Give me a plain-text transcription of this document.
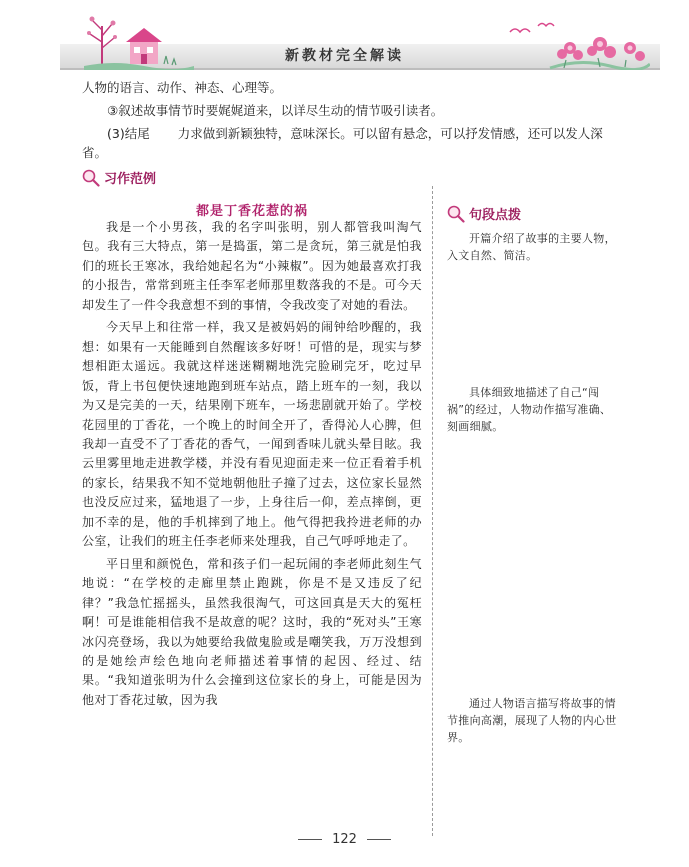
新教材完全解读

人物的语言、动作、神态、心理等。

③叙述故事情节时要娓娓道来，以详尽生动的情节吸引读者。

(3)结尾 力求做到新颖独特，意味深长。可以留有悬念，可以抒发情感，还可以发人深省。

习作范例
都是丁香花惹的祸

我是一个小男孩，我的名字叫张明，别人都管我叫淘气包。我有三大特点，第一是捣蛋，第二是贪玩，第三就是怕我们的班长王寒冰，我给她起名为“小辣椒”。因为她最喜欢打我的小报告，常常到班主任李军老师那里数落我的不是。可今天却发生了一件令我意想不到的事情，令我改变了对她的看法。

今天早上和往常一样，我又是被妈妈的闹钟给吵醒的，我想：如果有一天能睡到自然醒该多好呀！可惜的是，现实与梦想相距太遥远。我就这样迷迷糊糊地洗完脸刷完牙，吃过早饭，背上书包便快速地跑到班车站点，踏上班车的一刻，我以为又是完美的一天，结果刚下班车，一场悲剧就开始了。学校花园里的丁香花，一个晚上的时间全开了，香得沁人心脾，但我却一直受不了丁香花的香气，一闻到香味儿就头晕目眩。我云里雾里地走进教学楼，并没有看见迎面走来一位正看着手机的家长，结果我不知不觉地朝他肚子撞了过去，这位家长显然也没反应过来，猛地退了一步，上身往后一仰，差点摔倒，更加不幸的是，他的手机摔到了地上。他气得把我拎进老师的办公室，让我们的班主任李老师来处理我，自己气呼呼地走了。

平日里和颜悦色，常和孩子们一起玩闹的李老师此刻生气地说：“在学校的走廊里禁止跑跳，你是不是又违反了纪律？”我急忙摇摇头，虽然我很淘气，可这回真是天大的冤枉啊！可是谁能相信我不是故意的呢？这时，我的“死对头”王寒冰闪亮登场，我以为她要给我做鬼脸或是嘲笑我，万万没想到的是她绘声绘色地向老师描述着事情的起因、经过、结果。“我知道张明为什么会撞到这位家长的身上，可能是因为他对丁香花过敏，因为我

句段点拨
开篇介绍了故事的主要人物，入文自然、简洁。
具体细致地描述了自己“闯祸”的经过，人物动作描写准确、刻画细腻。
通过人物语言描写将故事的情节推向高潮，展现了人物的内心世界。
122
